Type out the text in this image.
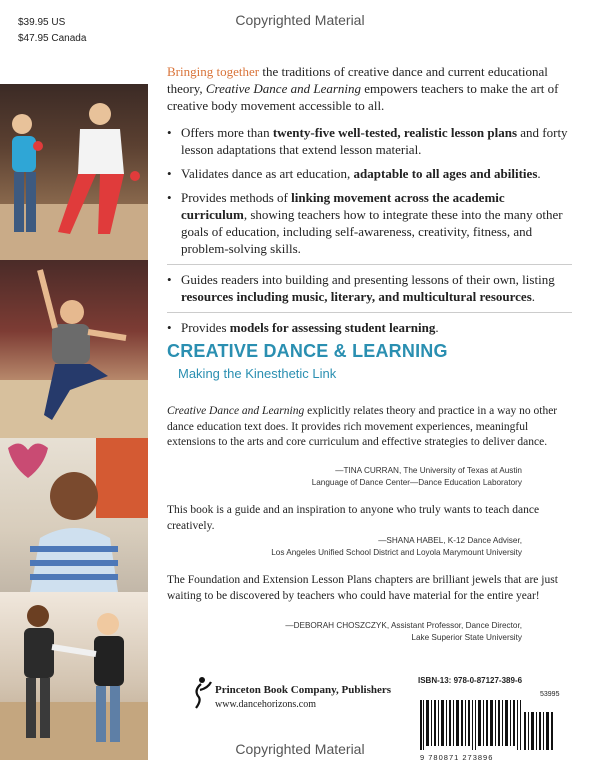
$39.95 US
$47.95 Canada
Copyrighted Material

Bringing together the traditions of creative dance and current educational theory, Creative Dance and Learning empowers teachers to make the art of creative body movement accessible to all.

• Offers more than twenty-five well-tested, realistic lesson plans and forty lesson adaptations that extend lesson material.
• Validates dance as art education, adaptable to all ages and abilities.
• Provides methods of linking movement across the academic curriculum, showing teachers how to integrate these into the many other goals of education, including self-awareness, creativity, fitness, and problem-solving skills.
• Guides readers into building and presenting lessons of their own, listing resources including music, literary, and multicultural resources.
• Provides models for assessing student learning.
CREATIVE DANCE & LEARNING
Making the Kinesthetic Link
Creative Dance and Learning explicitly relates theory and practice in a way no other dance education text does. It provides rich movement experiences, meaningful extensions to the arts and core curriculum and effective strategies to deliver dance.
—TINA CURRAN, The University of Texas at Austin
Language of Dance Center—Dance Education Laboratory
This book is a guide and an inspiration to anyone who truly wants to teach dance creatively.
—SHANA HABEL, K-12 Dance Adviser,
Los Angeles Unified School District and Loyola Marymount University
The Foundation and Extension Lesson Plans chapters are brilliant jewels that are just waiting to be discovered by teachers who could have material for the entire year!
—DEBORAH CHOSZCZYK, Assistant Professor, Dance Director,
Lake Superior State University
Princeton Book Company, Publishers
www.dancehorizons.com
ISBN-13: 978-0-87127-389-6
53995
9 780871 273896
Copyrighted Material
